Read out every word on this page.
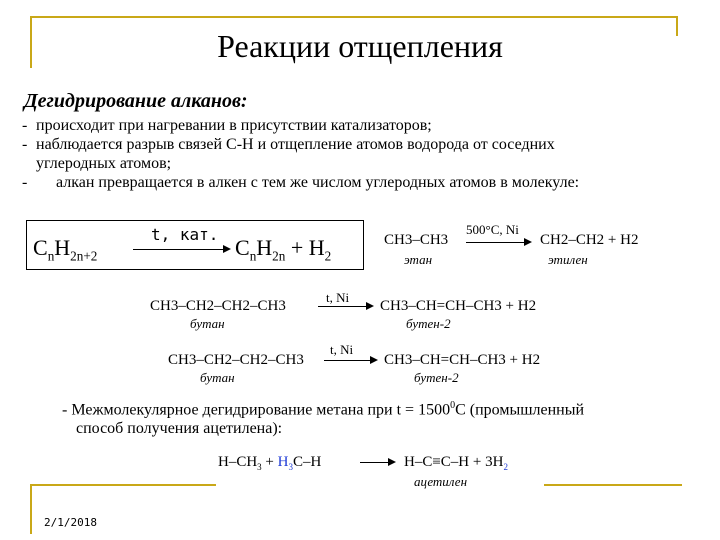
Реакции отщепления
Дегидрирование алканов:
- происходит при нагревании в присутствии катализаторов;
- наблюдается разрыв связей С-Н и отщепление атомов водорода от соседних
углеродных атомов;
- алкан превращается в алкен с тем же числом углеродных атомов в молекуле:
$C_nH_{2n+2}$
t, кат.
$C_nH_{2n} + H_2$
CH3–CH3
этан
500°C, Ni
CH2–CH2 + H2
этилен
CH3–CH2–CH2–CH3
бутан
t, Ni
CH3–CH=CH–CH3 + H2
бутен-2
CH3–CH2–CH2–CH3
бутан
t, Ni
CH3–CH=CH–CH3 + H2
бутен-2
- Межмолекулярное дегидрирование метана при $t = 1500^0С$ (промышленный
способ получения ацетилена):
$H-CH_3 + H_3C-H$	$H-C\equiv C-H + 3H_2$
ацетилен
2/1/2018
